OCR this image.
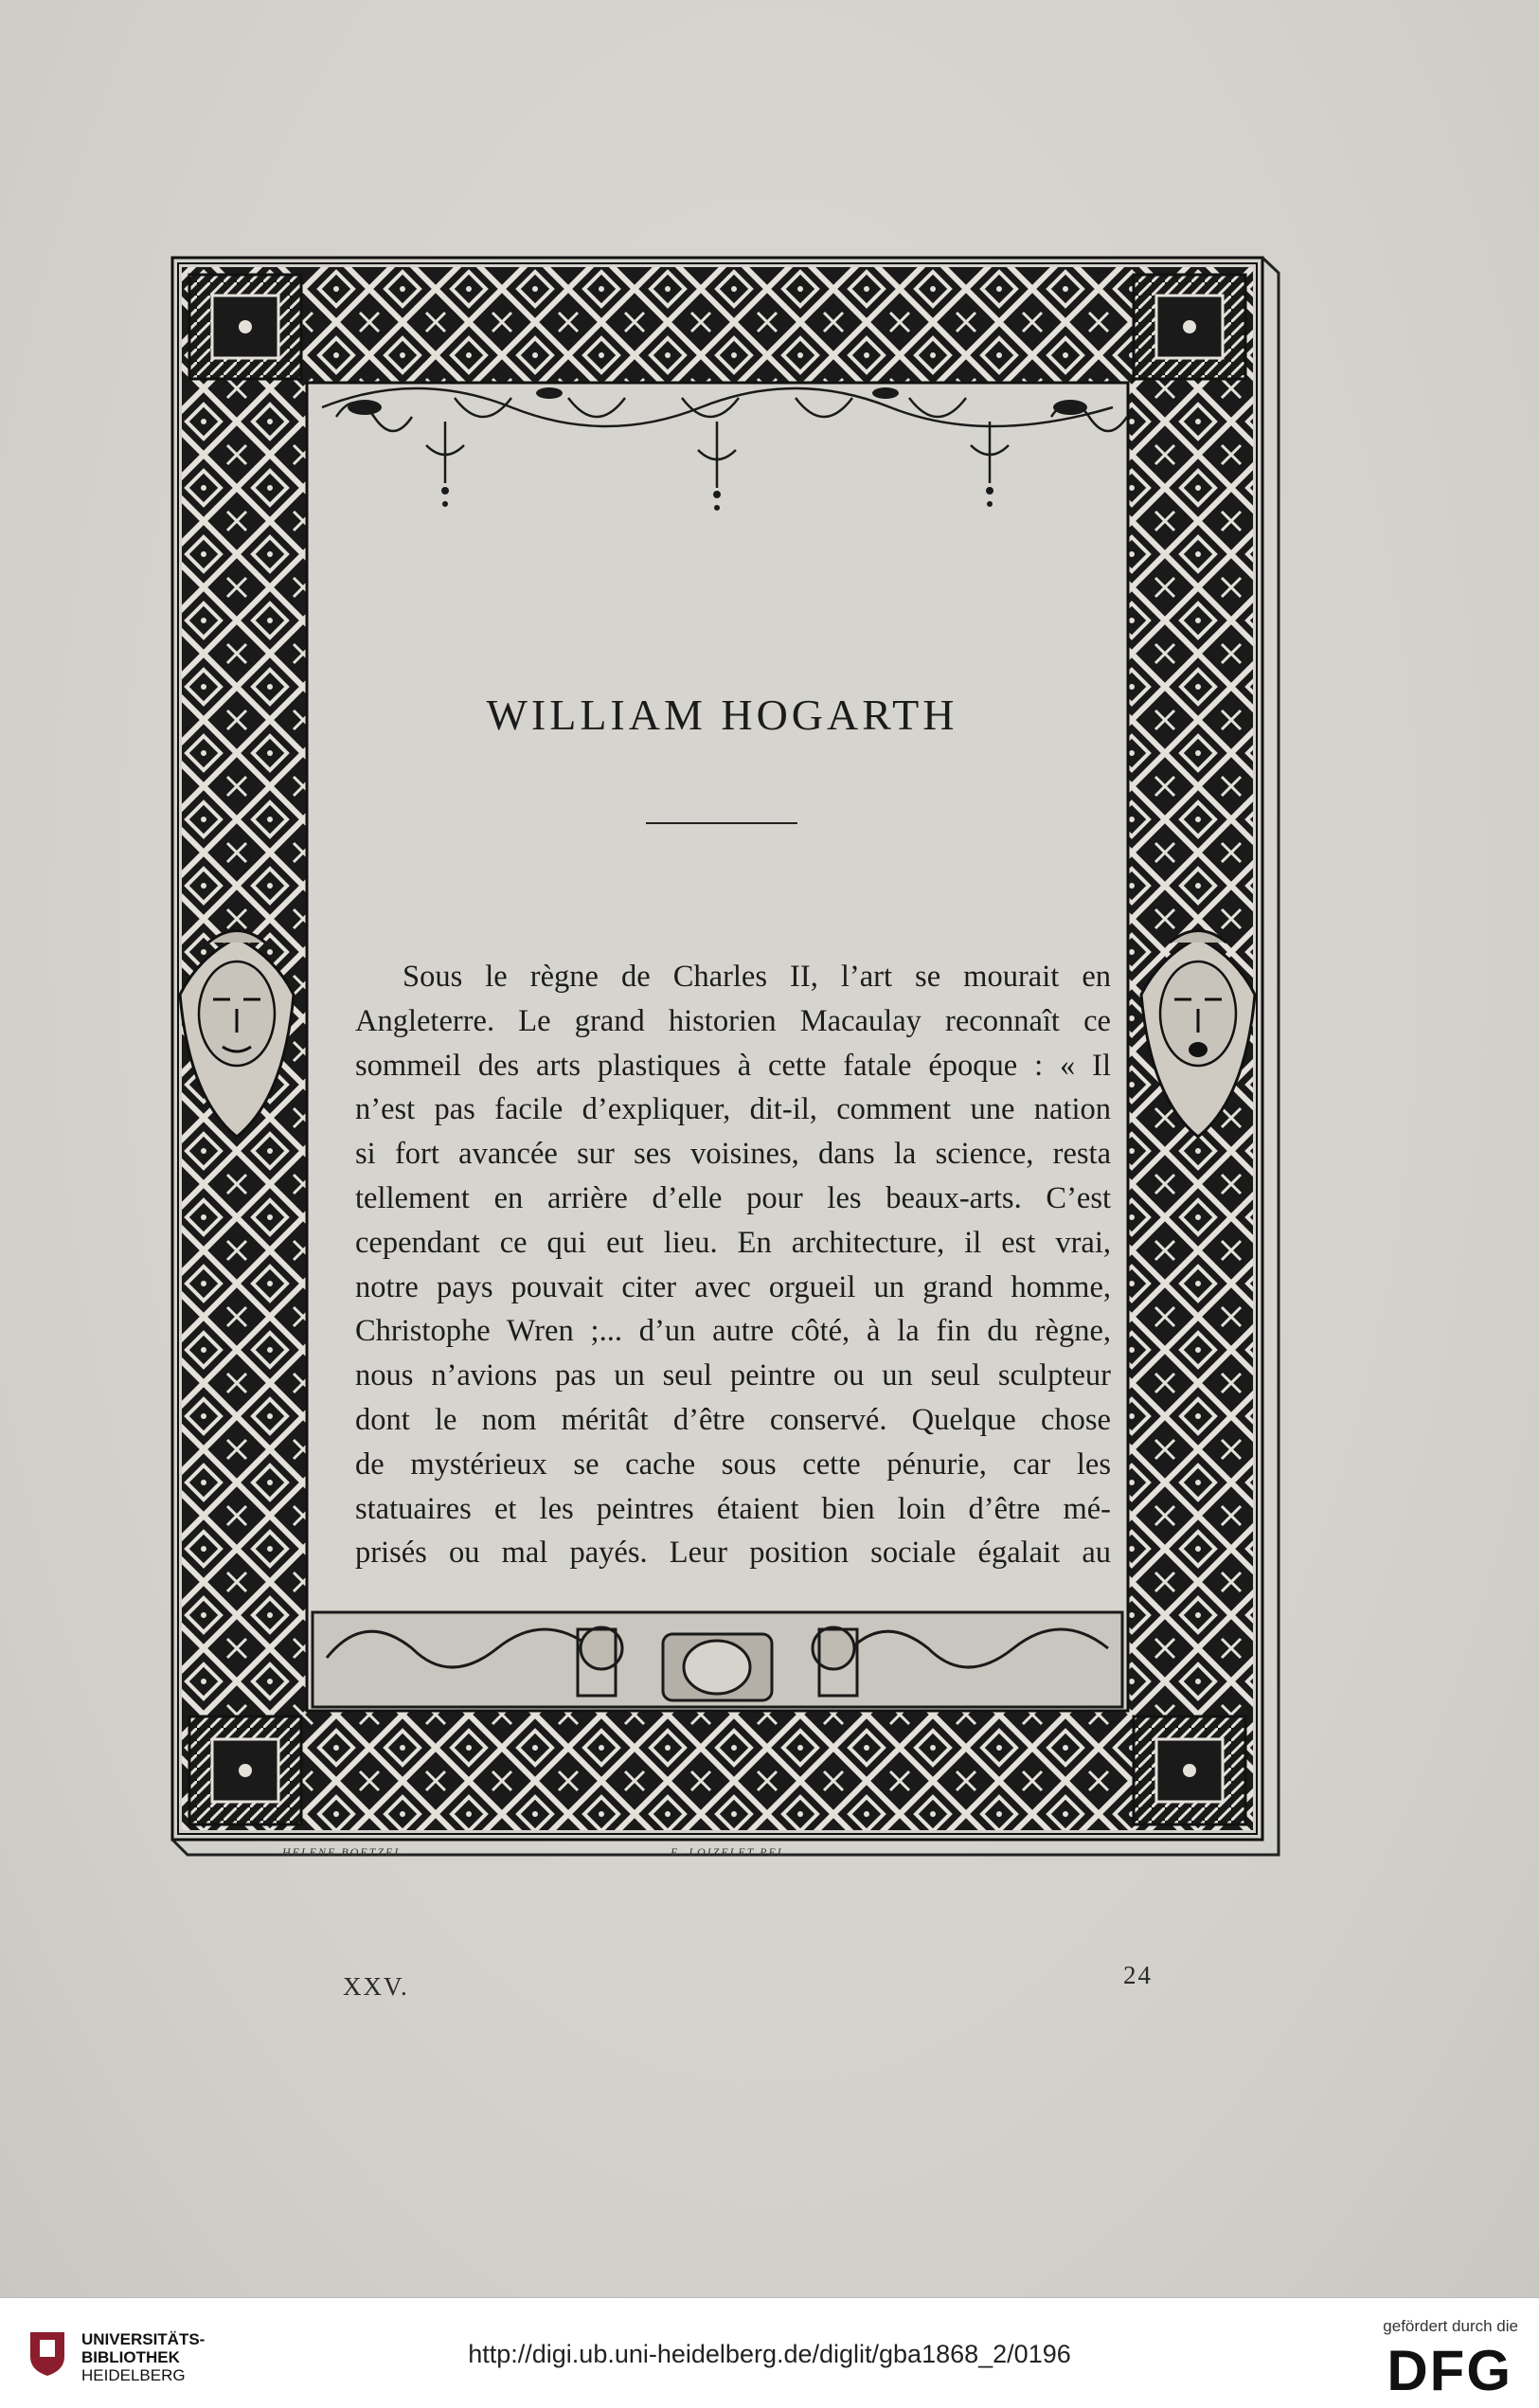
WILLIAM HOGARTH
Sous le règne de Charles II, l’art se mourait en
Angleterre. Le grand historien Macaulay reconnaît ce
sommeil des arts plastiques à cette fatale époque : « Il
n’est pas facile d’expliquer, dit-il, comment une nation
si fort avancée sur ses voisines, dans la science, resta
tellement en arrière d’elle pour les beaux-arts. C’est
cependant ce qui eut lieu. En architecture, il est vrai,
notre pays pouvait citer avec orgueil un grand homme,
Christophe Wren ;... d’un autre côté, à la fin du règne,
nous n’avions pas un seul peintre ou un seul sculpteur
dont le nom méritât d’être conservé. Quelque chose
de mystérieux se cache sous cette pénurie, car les
statuaires et les peintres étaient bien loin d’être mé-
prisés ou mal payés. Leur position sociale égalait au
HELENE BOETZEL.	E. LOIZELET PEL.
XXV.	24
UNIVERSITÄTS-
BIBLIOTHEK
HEIDELBERG
http://digi.ub.uni-heidelberg.de/diglit/gba1868_2/0196
gefördert durch die
DFG
